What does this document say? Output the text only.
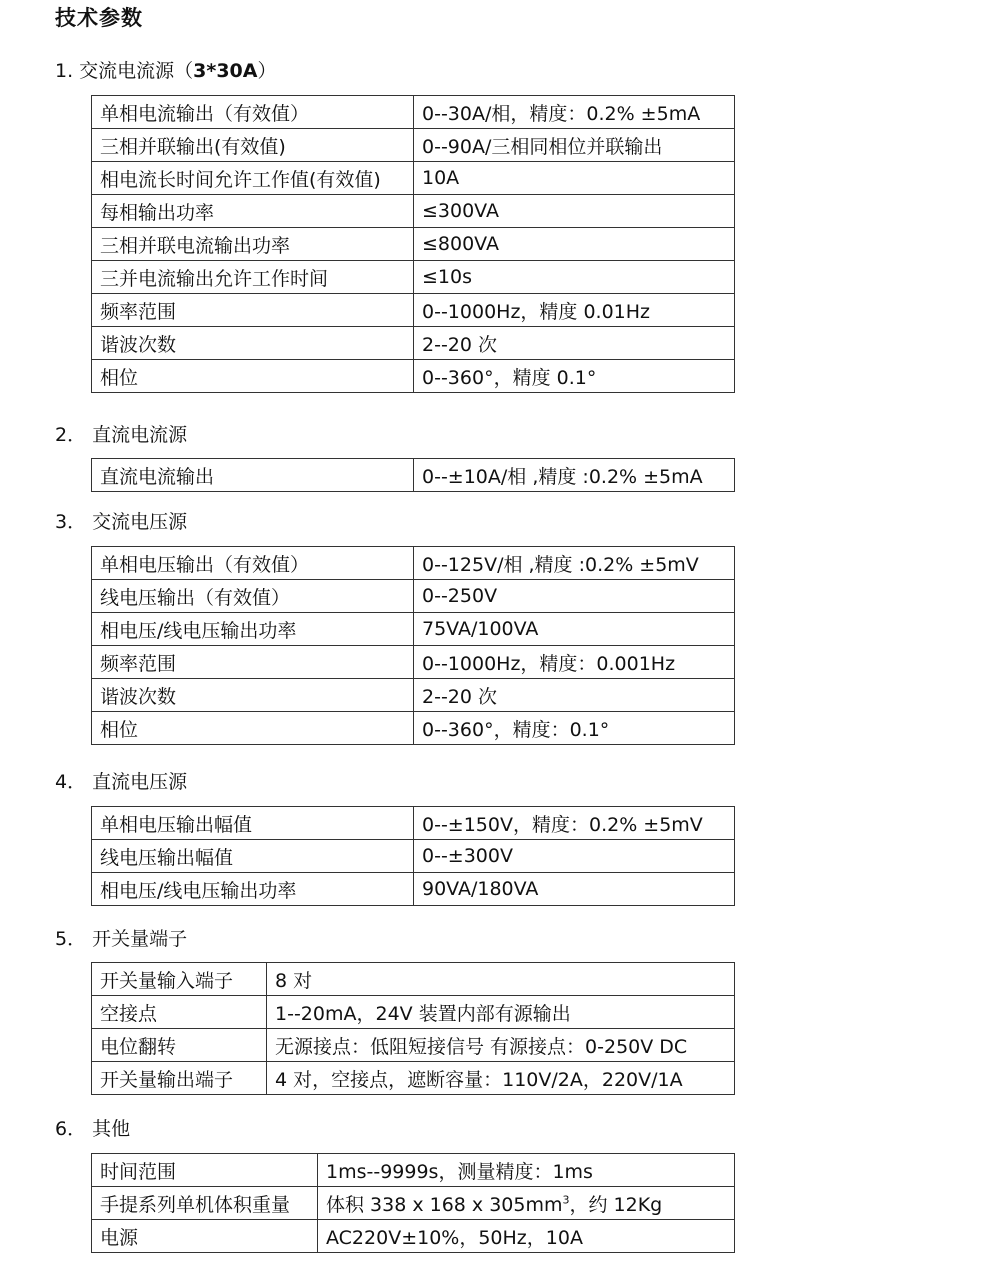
技术参数
1. 交流电流源（3*30A）
单相电流输出（有效值）	0--30A/相，精度：0.2% ±5mA
三相并联输出(有效值)	0--90A/三相同相位并联输出
相电流长时间允许工作值(有效值)	10A
每相输出功率	≤300VA
三相并联电流输出功率	≤800VA
三并电流输出允许工作时间	≤10s
频率范围	0--1000Hz，精度 0.01Hz
谐波次数	2--20 次
相位	0--360°，精度 0.1°
2． 直流电流源
直流电流输出	0--±10A/相 ,精度 :0.2% ±5mA
3． 交流电压源
单相电压输出（有效值）	0--125V/相 ,精度 :0.2% ±5mV
线电压输出（有效值）	0--250V
相电压/线电压输出功率	75VA/100VA
频率范围	0--1000Hz，精度：0.001Hz
谐波次数	2--20 次
相位	0--360°，精度：0.1°
4． 直流电压源
单相电压输出幅值	0--±150V，精度：0.2% ±5mV
线电压输出幅值	0--±300V
相电压/线电压输出功率	90VA/180VA
5． 开关量端子
开关量输入端子	8 对
空接点	1--20mA，24V 装置内部有源输出
电位翻转	无源接点：低阻短接信号 有源接点：0-250V DC
开关量输出端子	4 对，空接点，遮断容量：110V/2A，220V/1A
6． 其他
时间范围	1ms--9999s，测量精度：1ms
手提系列单机体积重量	体积 338 x 168 x $305mm^3$，约 12Kg
电源	AC220V±10%，50Hz，10A
